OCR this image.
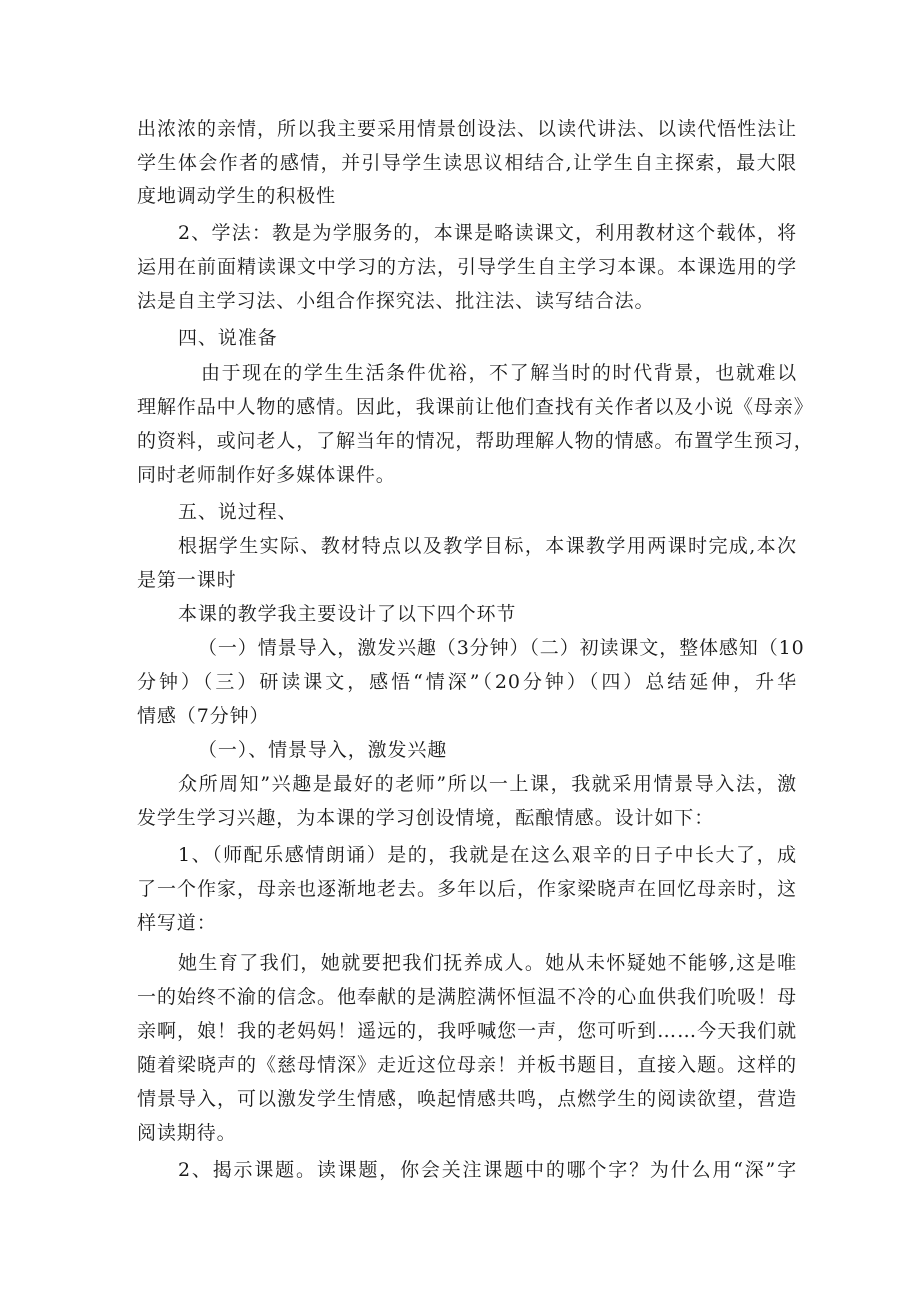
出浓浓的亲情，所以我主要采用情景创设法、以读代讲法、以读代悟性法让
学生体会作者的感情，并引导学生读思议相结合,让学生自主探索，最大限
度地调动学生的积极性
2、学法：教是为学服务的，本课是略读课文，利用教材这个载体，将
运用在前面精读课文中学习的方法，引导学生自主学习本课。本课选用的学
法是自主学习法、小组合作探究法、批注法、读写结合法。
四、说准备
由于现在的学生生活条件优裕，不了解当时的时代背景，也就难以
理解作品中人物的感情。因此，我课前让他们查找有关作者以及小说《母亲》
的资料，或问老人，了解当年的情况，帮助理解人物的情感。布置学生预习，
同时老师制作好多媒体课件。
五、说过程、
根据学生实际、教材特点以及教学目标，本课教学用两课时完成,本次
是第一课时
本课的教学我主要设计了以下四个环节
（一）情景导入，激发兴趣（3分钟）（二）初读课文，整体感知（10
分钟）（三）研读课文，感悟“情深”（20分钟）（四）总结延伸，升华
情感（7分钟）
（一）、情景导入，激发兴趣
众所周知”兴趣是最好的老师”所以一上课，我就采用情景导入法，激
发学生学习兴趣，为本课的学习创设情境，酝酿情感。设计如下：
1、（师配乐感情朗诵）是的，我就是在这么艰辛的日子中长大了，成
了一个作家，母亲也逐渐地老去。多年以后，作家梁晓声在回忆母亲时，这
样写道：
她生育了我们，她就要把我们抚养成人。她从未怀疑她不能够,这是唯
一的始终不渝的信念。他奉献的是满腔满怀恒温不冷的心血供我们吮吸！母
亲啊，娘！我的老妈妈！遥远的，我呼喊您一声，您可听到……今天我们就
随着梁晓声的《慈母情深》走近这位母亲！并板书题目，直接入题。这样的
情景导入，可以激发学生情感，唤起情感共鸣，点燃学生的阅读欲望，营造
阅读期待。
2、揭示课题。读课题，你会关注课题中的哪个字？为什么用“深”字
